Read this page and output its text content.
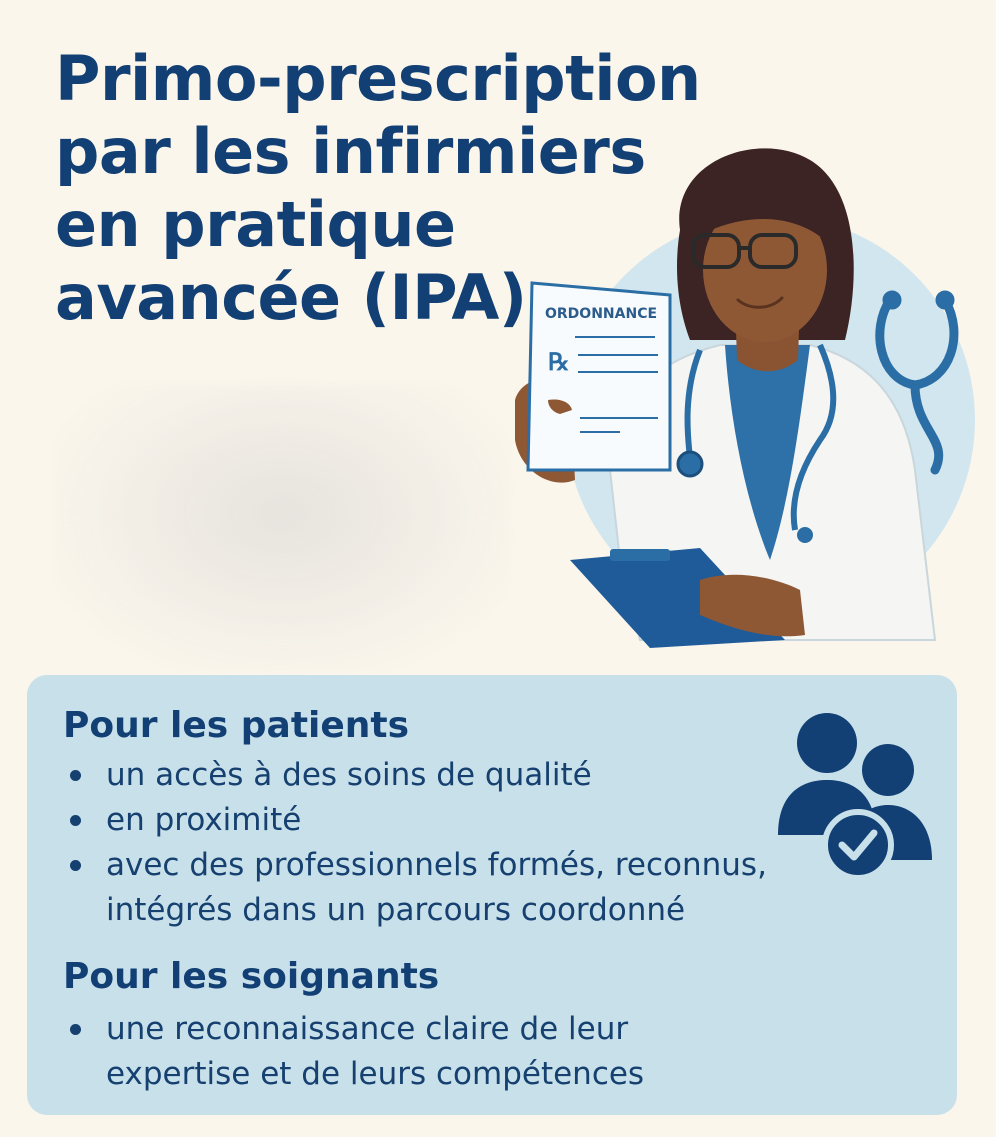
Primo-prescription
par les infirmiers
en pratique
avancée (IPA)	ORDONNANCE
℞
Pour les patients
un accès à des soins de qualité
en proximité
avec des professionnels formés, reconnus, intégrés dans un parcours coordonné
Pour les soignants
une reconnaissance claire de leur expertise et de leurs compétences
